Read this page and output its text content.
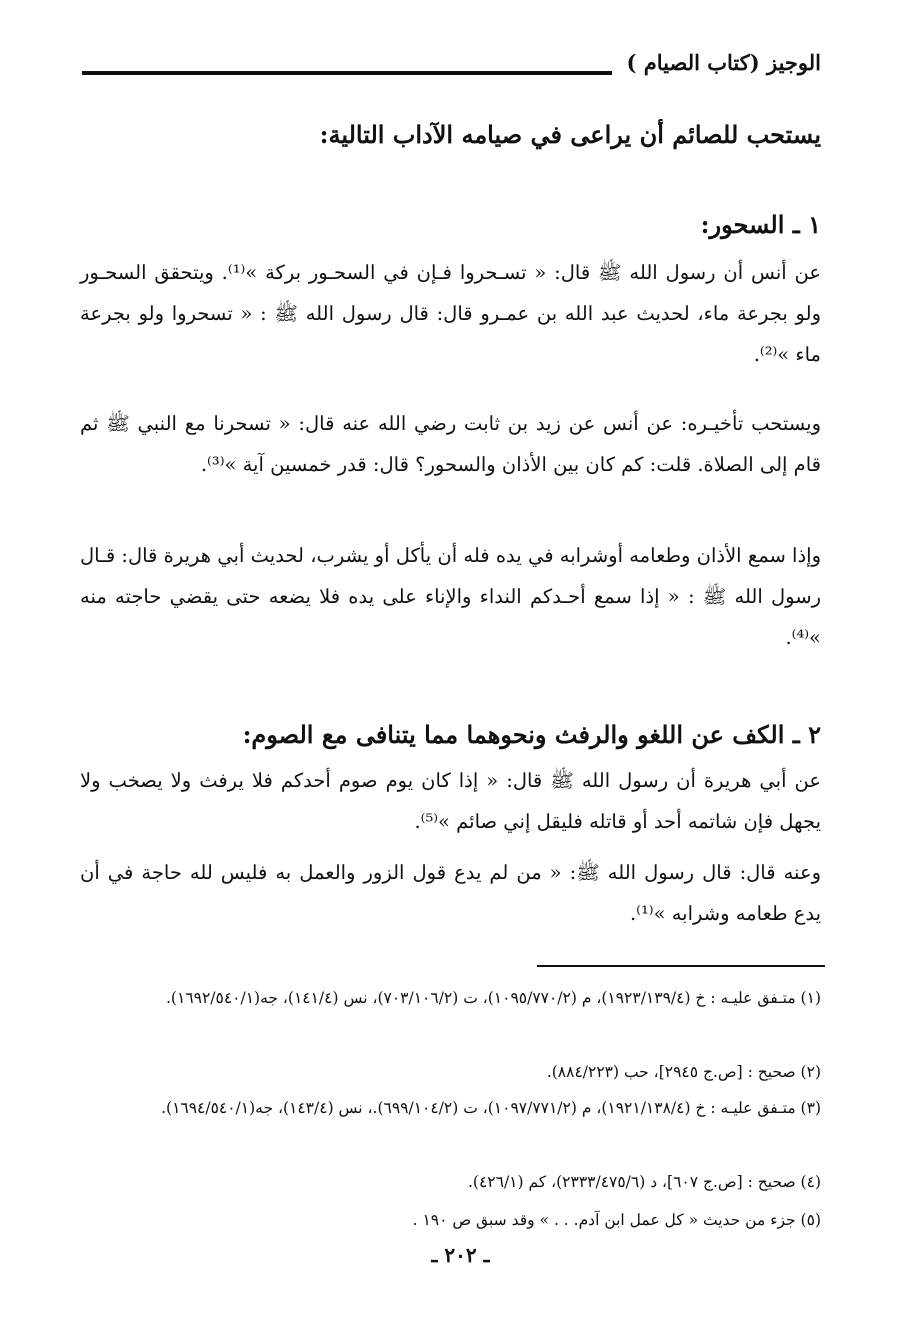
الوجيز (كتاب الصيام )

يستحب للصائم أن يراعى في صيامه الآداب التالية:

١ ـ السحور:

عن أنس أن رسول الله ﷺ قال: « تسـحروا فـإن في السحـور بركة »⁽¹⁾. ويتحقق السحـور ولو بجرعة ماء، لحديث عبد الله بن عمـرو قال: قال رسول الله ﷺ : « تسحروا ولو بجرعة ماء »⁽²⁾.

ويستحب تأخيـره: عن أنس عن زيد بن ثابت رضي الله عنه قال: « تسحرنا مع النبي ﷺ ثم قام إلى الصلاة. قلت: كم كان بين الأذان والسحور؟ قال: قدر خمسين آية »⁽³⁾.

وإذا سمع الأذان وطعامه أوشرابه في يده فله أن يأكل أو يشرب، لحديث أبي هريرة قال: قـال رسول الله ﷺ : « إذا سمع أحـدكم النداء والإناء على يده فلا يضعه حتى يقضي حاجته منه »⁽⁴⁾.

٢ ـ الكف عن اللغو والرفث ونحوهما مما يتنافى مع الصوم:

عن أبي هريرة أن رسول الله ﷺ قال: « إذا كان يوم صوم أحدكم فلا يرفث ولا يصخب ولا يجهل فإن شاتمه أحد أو قاتله فليقل إني صائم »⁽⁵⁾.

وعنه قال: قال رسول الله ﷺ: « من لم يدع قول الزور والعمل به فليس لله حاجة في أن يدع طعامه وشرابه »⁽¹⁾.

(١) متـفق عليـه : خ (١٩٢٣/١٣٩/٤)، م (١٠٩٥/٧٧٠/٢)، ت (٧٠٣/١٠٦/٢)، نس (١٤١/٤)، جه(١٦٩٢/٥٤٠/١).

(٢) صحيح : [ص.ج ٢٩٤٥]، حب (٨٨٤/٢٢٣).

(٣) متـفق عليـه : خ (١٩٢١/١٣٨/٤)، م (١٠٩٧/٧٧١/٢)، ت (٦٩٩/١٠٤/٢).، نس (١٤٣/٤)، جه(١٦٩٤/٥٤٠/١).

(٤) صحيح : [ص.ج ٦٠٧]، د (٢٣٣٣/٤٧٥/٦)، كم (٤٢٦/١).

(٥) جزء من حديث « كل عمل ابن آدم. . . » وقد سبق ص ١٩٠ .

ـ ٢٠٢ ـ
